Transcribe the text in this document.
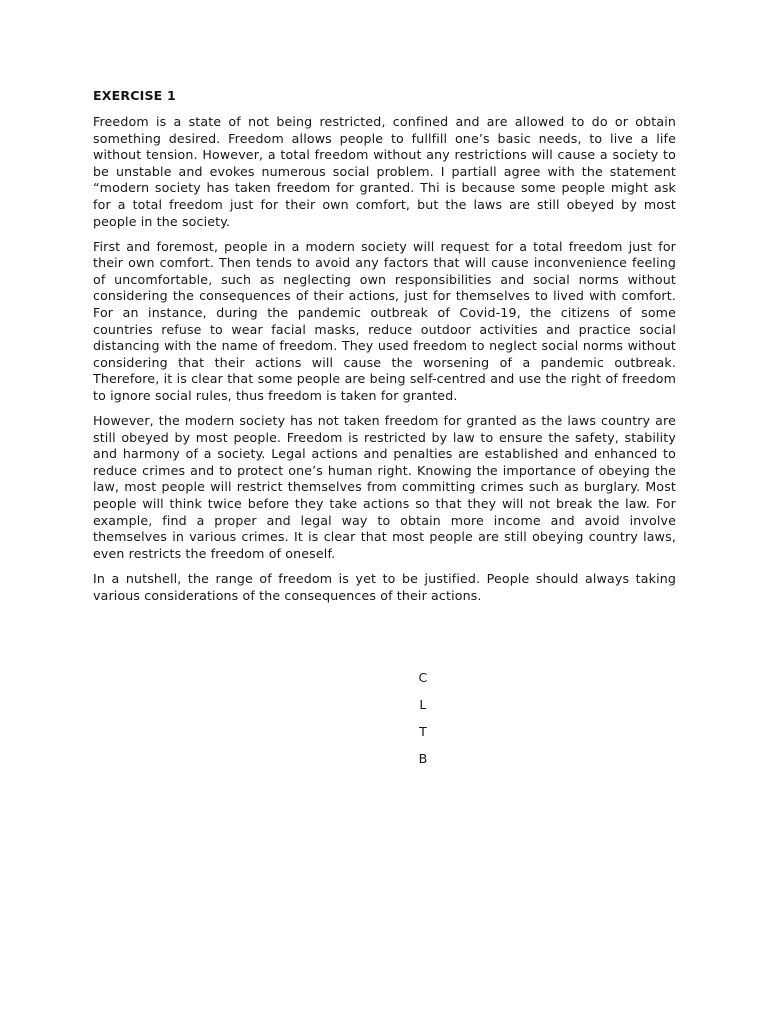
EXERCISE 1

Freedom is a state of not being restricted, confined and are allowed to do or obtain something desired. Freedom allows people to fullfill one’s basic needs, to live a life without tension. However, a total freedom without any restrictions will cause a society to be unstable and evokes numerous social problem. I partiall agree with the statement “modern society has taken freedom for granted. Thi is because some people might ask for a total freedom just for their own comfort, but the laws are still obeyed by most people in the society.

First and foremost, people in a modern society will request for a total freedom just for their own comfort. Then tends to avoid any factors that will cause inconvenience feeling of uncomfortable, such as neglecting own responsibilities and social norms without considering the consequences of their actions, just for themselves to lived with comfort. For an instance, during the pandemic outbreak of Covid-19, the citizens of some countries refuse to wear facial masks, reduce outdoor activities and practice social distancing with the name of freedom. They used freedom to neglect social norms without considering that their actions will cause the worsening of a pandemic outbreak. Therefore, it is clear that some people are being self-centred and use the right of freedom to ignore social rules, thus freedom is taken for granted.

However, the modern society has not taken freedom for granted as the laws country are still obeyed by most people. Freedom is restricted by law to ensure the safety, stability and harmony of a society. Legal actions and penalties are established and enhanced to reduce crimes and to protect one’s human right. Knowing the importance of obeying the law, most people will restrict themselves from committing crimes such as burglary. Most people will think twice before they take actions so that they will not break the law. For example, find a proper and legal way to obtain more income and avoid involve themselves in various crimes. It is clear that most people are still obeying country laws, even restricts the freedom of oneself.

In a nutshell, the range of freedom is yet to be justified. People should always taking various considerations of the consequences of their actions.

C
L
T
B
